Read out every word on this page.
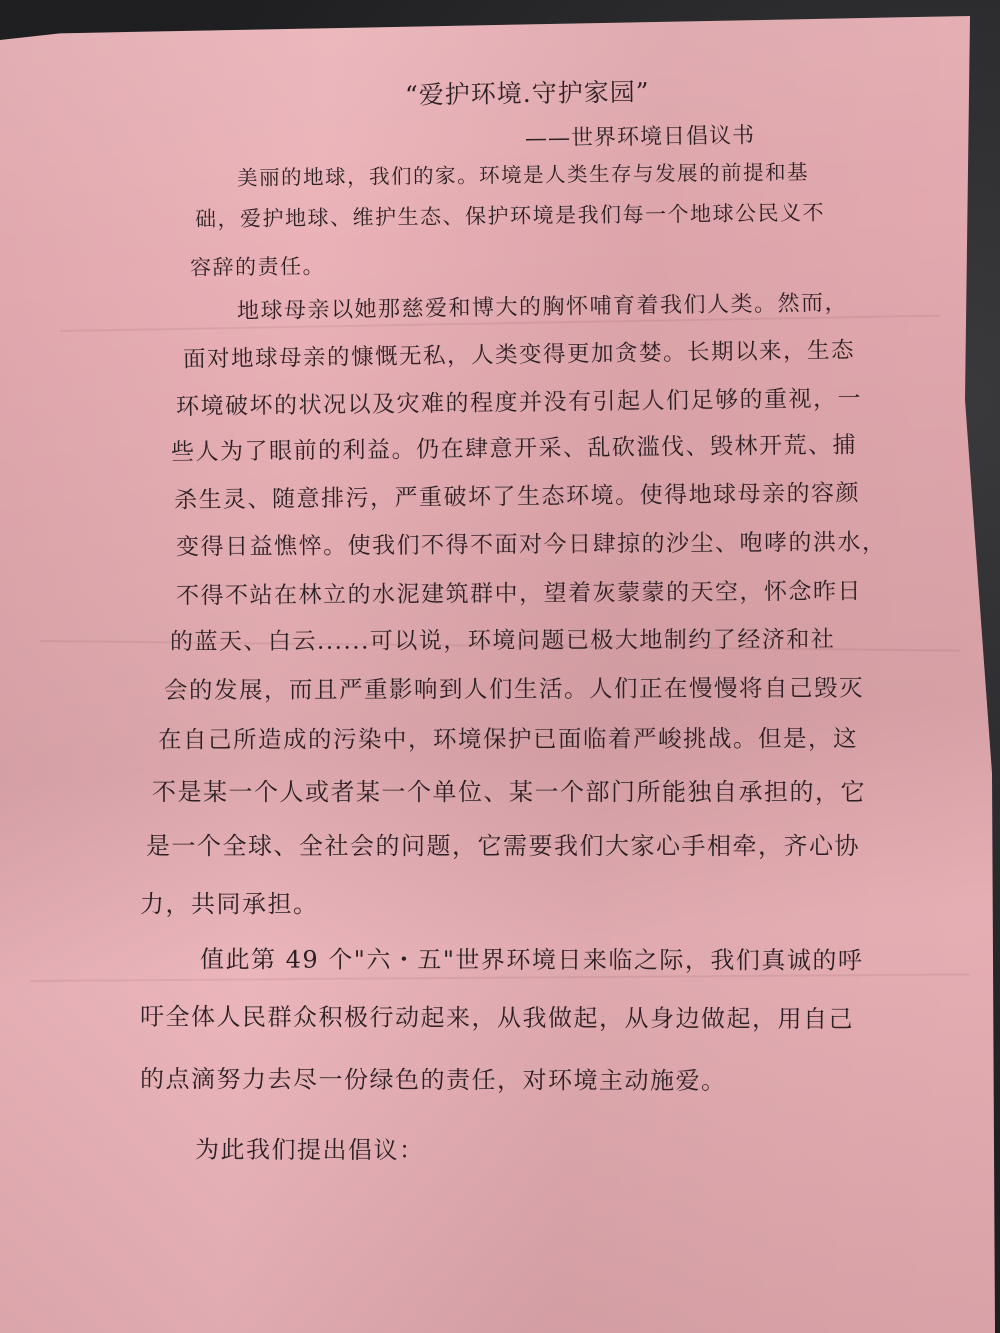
“爱护环境.守护家园”
——世界环境日倡议书
美丽的地球，我们的家。环境是人类生存与发展的前提和基
础，爱护地球、维护生态、保护环境是我们每一个地球公民义不
容辞的责任。
地球母亲以她那慈爱和博大的胸怀哺育着我们人类。然而，
面对地球母亲的慷慨无私，人类变得更加贪婪。长期以来，生态
环境破坏的状况以及灾难的程度并没有引起人们足够的重视，一
些人为了眼前的利益。仍在肆意开采、乱砍滥伐、毁林开荒、捕
杀生灵、随意排污，严重破坏了生态环境。使得地球母亲的容颜
变得日益憔悴。使我们不得不面对今日肆掠的沙尘、咆哮的洪水，
不得不站在林立的水泥建筑群中，望着灰蒙蒙的天空，怀念昨日
的蓝天、白云......可以说，环境问题已极大地制约了经济和社
会的发展，而且严重影响到人们生活。人们正在慢慢将自己毁灭
在自己所造成的污染中，环境保护已面临着严峻挑战。但是，这
不是某一个人或者某一个单位、某一个部门所能独自承担的，它
是一个全球、全社会的问题，它需要我们大家心手相牵，齐心协
力，共同承担。
值此第 49 个"六・五"世界环境日来临之际，我们真诚的呼
吁全体人民群众积极行动起来，从我做起，从身边做起，用自己
的点滴努力去尽一份绿色的责任，对环境主动施爱。
为此我们提出倡议：
